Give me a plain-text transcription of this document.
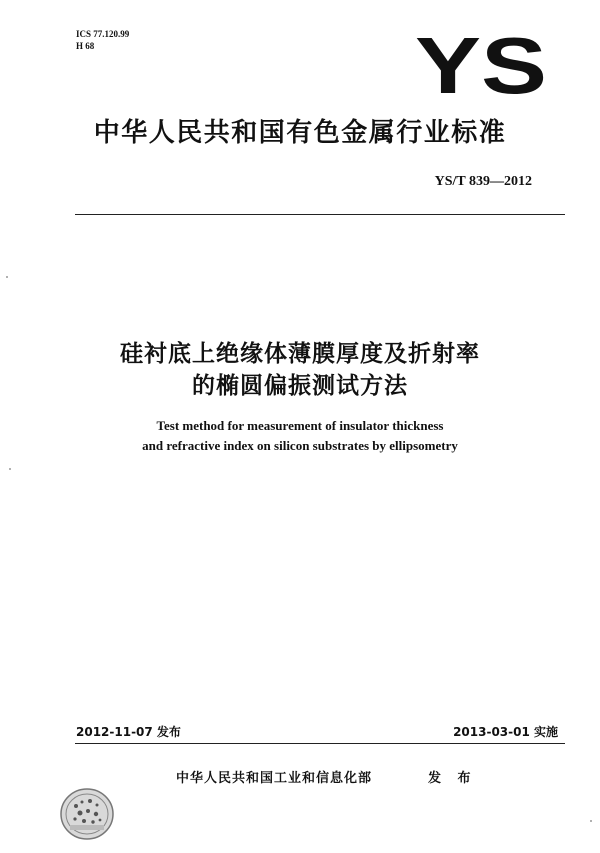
ICS 77.120.99
H 68	YS
中华人民共和国有色金属行业标准
YS/T 839—2012
硅衬底上绝缘体薄膜厚度及折射率
的椭圆偏振测试方法
Test method for measurement of insulator thickness
and refractive index on silicon substrates by ellipsometry
2012-11-07 发布	2013-03-01 实施
中华人民共和国工业和信息化部	发 布
